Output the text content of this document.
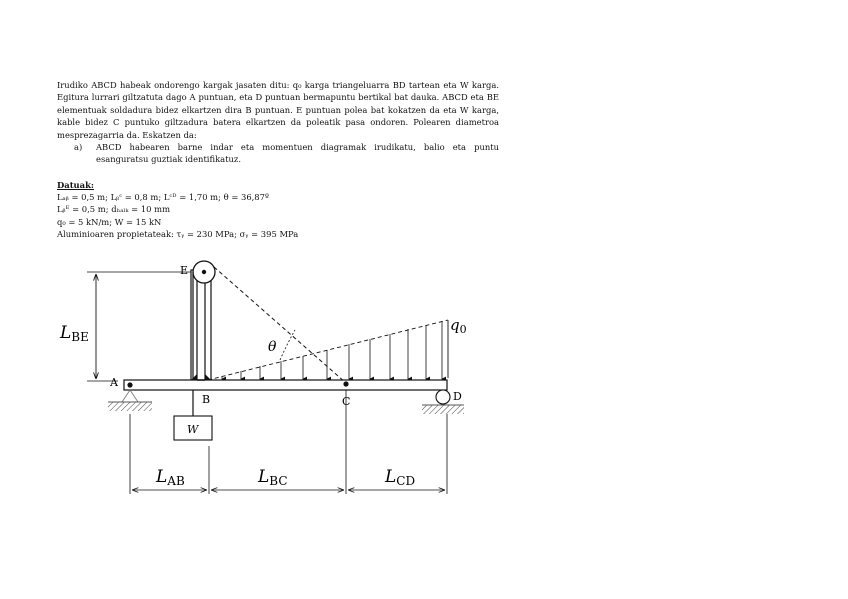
Irudiko ABCD habeak ondorengo kargak jasaten ditu: q₀ karga triangeluarra BD tartean eta W karga. Egitura lurrari giltzatuta dago A puntuan, eta D puntuan bermapuntu bertikal bat dauka. ABCD eta BE elementuak soldadura bidez elkartzen dira B puntuan. E puntuan polea bat kokatzen da eta W karga, kable bidez C puntuko giltzadura batera elkartzen da poleatik pasa ondoren. Polearen diametroa mesprezagarria da. Eskatzen da:

a)	ABCD habearen barne indar eta momentuen diagramak irudikatu, balio eta puntu esanguratsu guztiak identifikatuz.
Datuak:
Lₐᵦ = 0,5 m; Lᵦᶜ = 0,8 m; Lᶜᴰ = 1,70 m; θ = 36,87º
Lᵦᴱ = 0,5 m; dₕₐₗₖ = 10 mm
q₀ = 5 kN/m; W = 15 kN
Aluminioaren propietateak: τᵧ = 230 MPa; σᵧ = 395 MPa
E
A
B	C	D
W
θ
$q_0$
LBE
LAB	LBC	LCD
